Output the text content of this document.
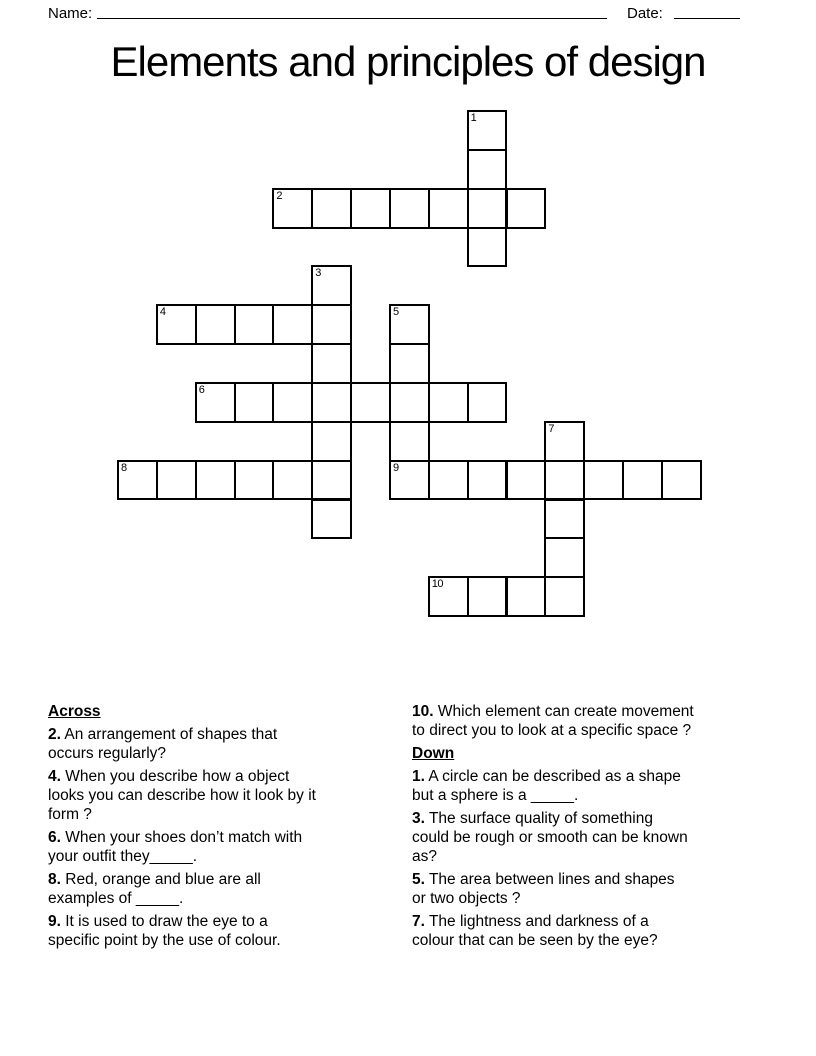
Name:	Date:
Elements and principles of design
1
2
3
4	5
9
6
7
8
10

Across

2. An arrangement of shapes that
occurs regularly?

4. When you describe how a object
looks you can describe how it look by it
form ?

6. When your shoes don’t match with
your outfit they_____.

8. Red, orange and blue are all
examples of _____.

9. It is used to draw the eye to a
specific point by the use of colour.

10. Which element can create movement
to direct you to look at a specific space ?

Down

1. A circle can be described as a shape
but a sphere is a _____.

3. The surface quality of something
could be rough or smooth can be known
as?

5. The area between lines and shapes
or two objects ?

7. The lightness and darkness of a
colour that can be seen by the eye?
